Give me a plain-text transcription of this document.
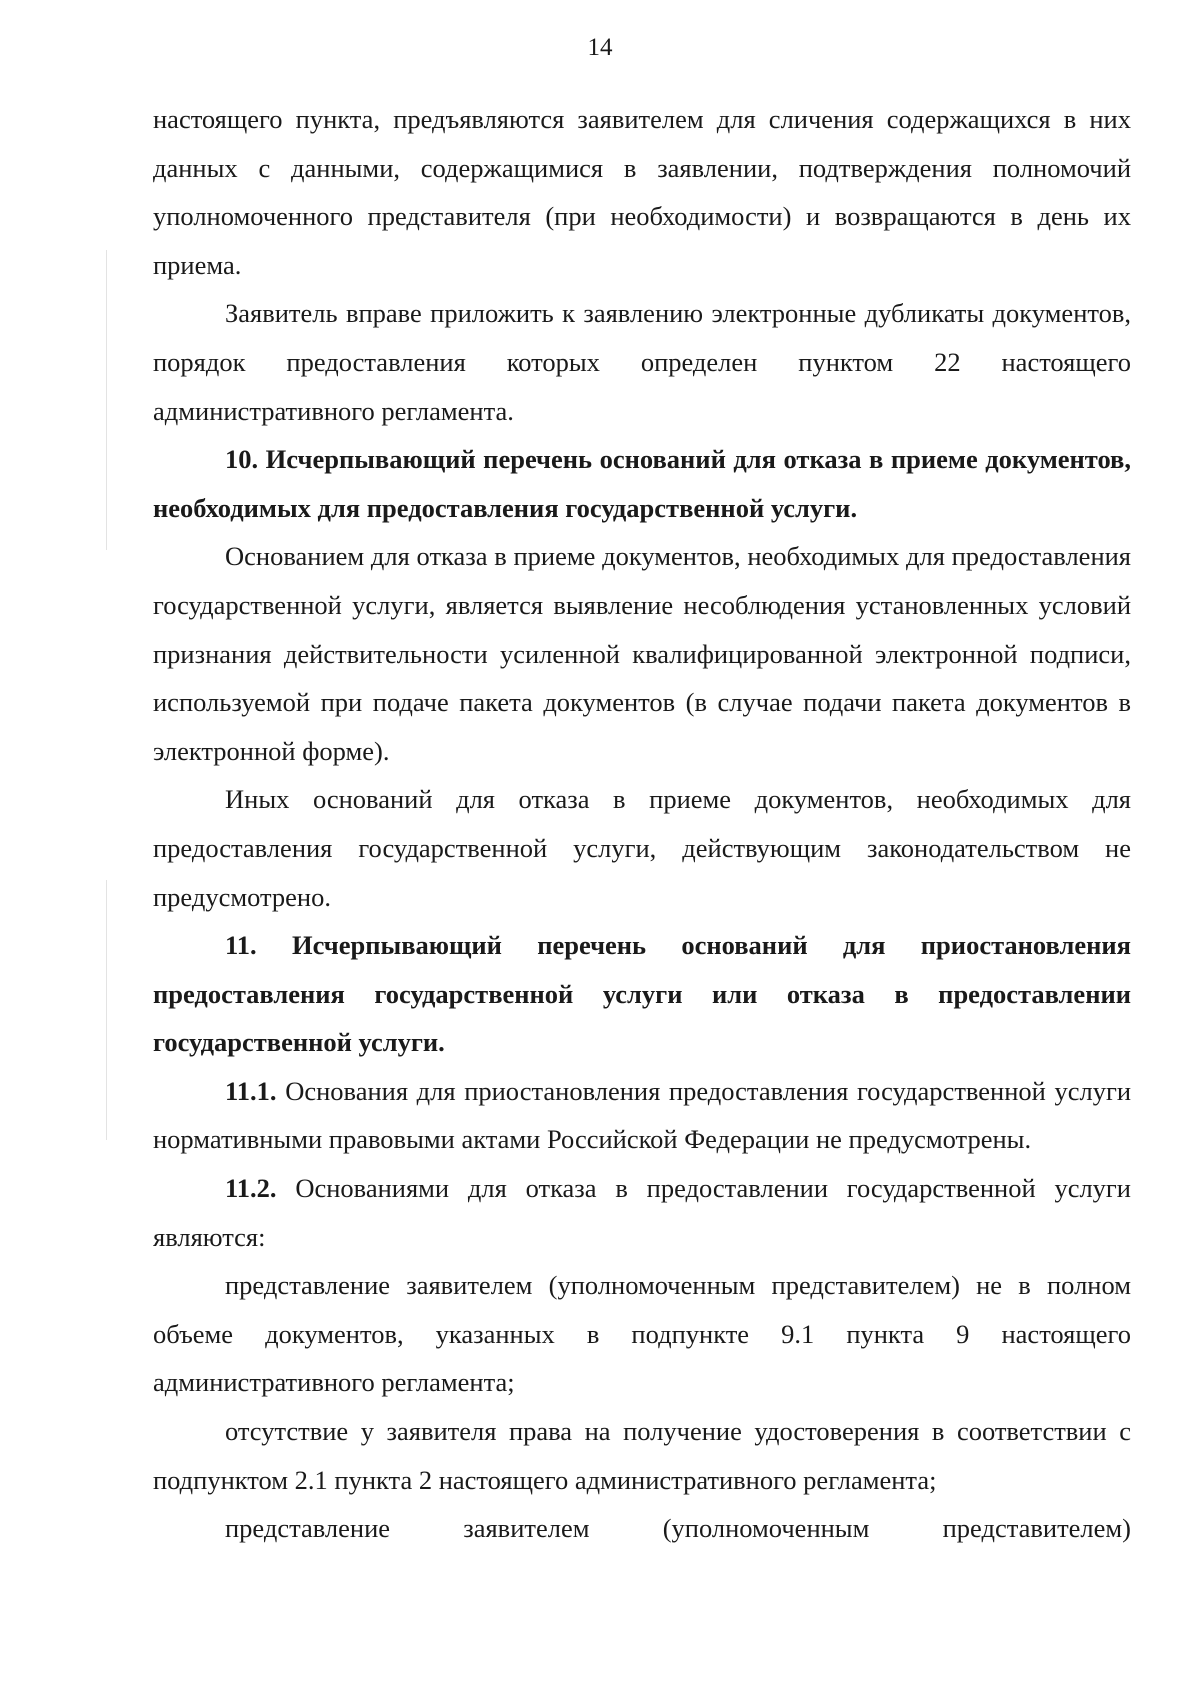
14

настоящего пункта, предъявляются заявителем для сличения содержащихся в них данных с данными, содержащимися в заявлении, подтверждения полномочий уполномоченного представителя (при необходимости) и возвращаются в день их приема.

Заявитель вправе приложить к заявлению электронные дубликаты документов, порядок предоставления которых определен пунктом 22 настоящего административного регламента.

10. Исчерпывающий перечень оснований для отказа в приеме документов, необходимых для предоставления государственной услуги.

Основанием для отказа в приеме документов, необходимых для предоставления государственной услуги, является выявление несоблюдения установленных условий признания действительности усиленной квалифицированной электронной подписи, используемой при подаче пакета документов (в случае подачи пакета документов в электронной форме).

Иных оснований для отказа в приеме документов, необходимых для предоставления государственной услуги, действующим законодательством не предусмотрено.

11. Исчерпывающий перечень оснований для приостановления предоставления государственной услуги или отказа в предоставлении государственной услуги.

11.1. Основания для приостановления предоставления государственной услуги нормативными правовыми актами Российской Федерации не предусмотрены.

11.2. Основаниями для отказа в предоставлении государственной услуги являются:

представление заявителем (уполномоченным представителем) не в полном объеме документов, указанных в подпункте 9.1 пункта 9 настоящего административного регламента;

отсутствие у заявителя права на получение удостоверения в соответствии с подпунктом 2.1 пункта 2 настоящего административного регламента;

представление заявителем (уполномоченным представителем)
